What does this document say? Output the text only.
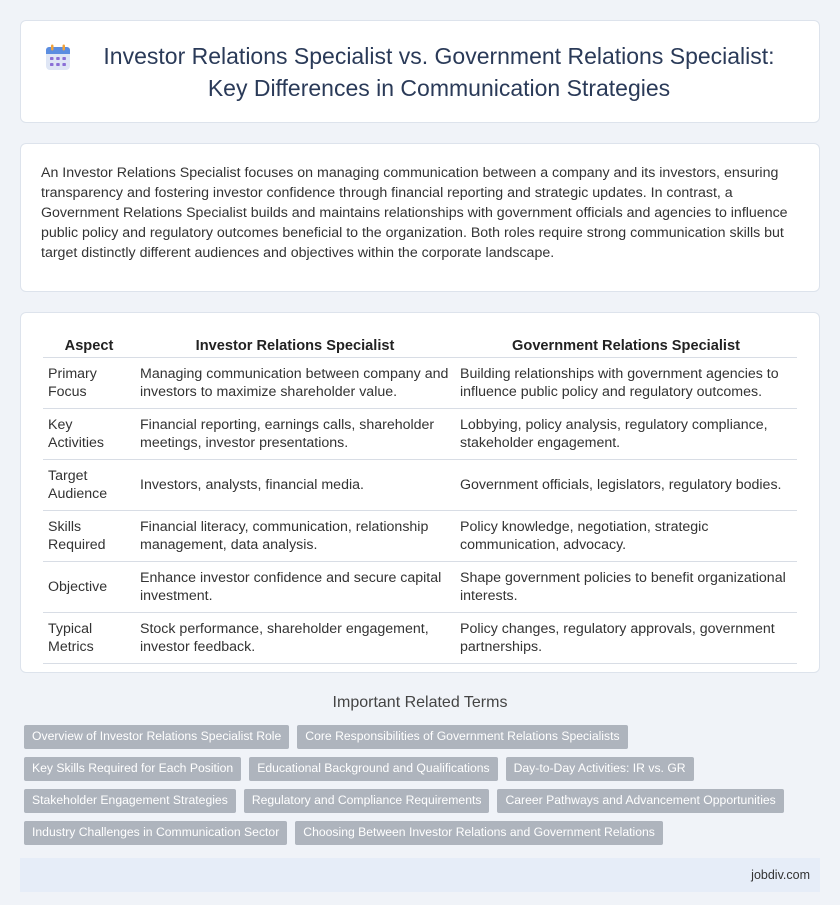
Investor Relations Specialist vs. Government Relations Specialist: Key Differences in Communication Strategies

An Investor Relations Specialist focuses on managing communication between a company and its investors, ensuring transparency and fostering investor confidence through financial reporting and strategic updates. In contrast, a Government Relations Specialist builds and maintains relationships with government officials and agencies to influence public policy and regulatory outcomes beneficial to the organization. Both roles require strong communication skills but target distinctly different audiences and objectives within the corporate landscape.

Aspect	Investor Relations Specialist	Government Relations Specialist
Primary Focus	Managing communication between company and investors to maximize shareholder value.	Building relationships with government agencies to influence public policy and regulatory outcomes.
Key Activities	Financial reporting, earnings calls, shareholder meetings, investor presentations.	Lobbying, policy analysis, regulatory compliance, stakeholder engagement.
Target Audience	Investors, analysts, financial media.	Government officials, legislators, regulatory bodies.
Skills Required	Financial literacy, communication, relationship management, data analysis.	Policy knowledge, negotiation, strategic communication, advocacy.
Objective	Enhance investor confidence and secure capital investment.	Shape government policies to benefit organizational interests.
Typical Metrics	Stock performance, shareholder engagement, investor feedback.	Policy changes, regulatory approvals, government partnerships.
Important Related Terms
Overview of Investor Relations Specialist Role	Core Responsibilities of Government Relations Specialists
Key Skills Required for Each Position	Educational Background and Qualifications	Day-to-Day Activities: IR vs. GR
Stakeholder Engagement Strategies	Regulatory and Compliance Requirements	Career Pathways and Advancement Opportunities
Industry Challenges in Communication Sector	Choosing Between Investor Relations and Government Relations
jobdiv.com
